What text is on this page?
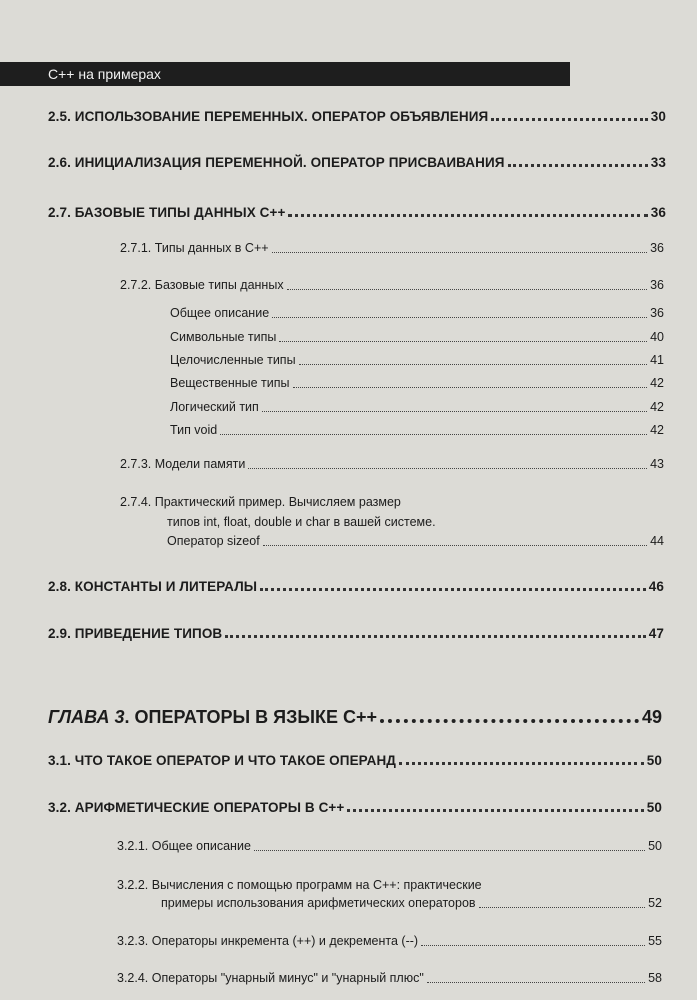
С++ на примерах
2.5. ИСПОЛЬЗОВАНИЕ ПЕРЕМЕННЫХ. ОПЕРАТОР ОБЪЯВЛЕНИЯ	30
2.6. ИНИЦИАЛИЗАЦИЯ ПЕРЕМЕННОЙ. ОПЕРАТОР ПРИСВАИВАНИЯ	33
2.7. БАЗОВЫЕ ТИПЫ ДАННЫХ С++	36
2.7.1. Типы данных в С++	36
2.7.2. Базовые типы данных	36
Общее описание	36
Символьные типы	40
Целочисленные типы	41
Вещественные типы	42
Логический тип	42
Тип void	42
2.7.3. Модели памяти	43
2.7.4. Практический пример. Вычисляем размер
типов int, float, double и char в вашей системе.
Оператор sizeof	44
2.8. КОНСТАНТЫ И ЛИТЕРАЛЫ	46
2.9. ПРИВЕДЕНИЕ ТИПОВ	47
ГЛАВА 3. ОПЕРАТОРЫ В ЯЗЫКЕ С++	49
3.1. ЧТО ТАКОЕ ОПЕРАТОР И ЧТО ТАКОЕ ОПЕРАНД	50
3.2. АРИФМЕТИЧЕСКИЕ ОПЕРАТОРЫ В С++	50
3.2.1. Общее описание	50
3.2.2. Вычисления с помощью программ на С++: практические
примеры использования арифметических операторов	52
3.2.3. Операторы инкремента (++) и декремента (--)	55
3.2.4. Операторы "унарный минус" и "унарный плюс"	58
